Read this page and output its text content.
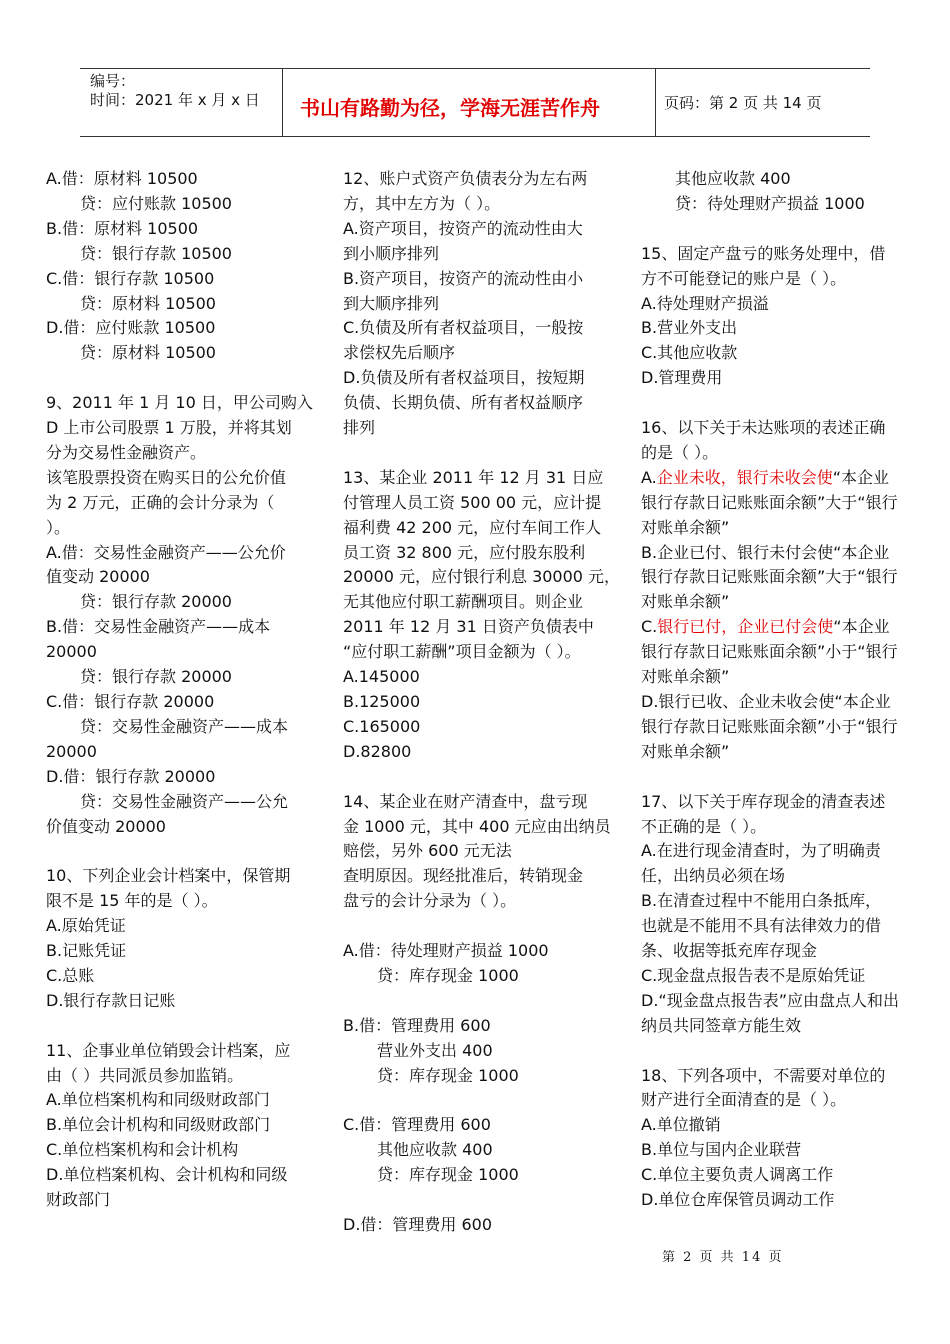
编号：
时间：2021 年 x 月 x 日 书山有路勤为径，学海无涯苦作舟	页码：第 2 页 共 14 页
A.借：原材料 10500
贷：应付账款 10500
B.借：原材料 10500
贷：银行存款 10500
C.借：银行存款 10500
贷：原材料 10500
D.借：应付账款 10500
贷：原材料 10500
9、2011 年 1 月 10 日，甲公司购入
D 上市公司股票 1 万股，并将其划
分为交易性金融资产。
该笔股票投资在购买日的公允价值
为 2 万元，正确的会计分录为（
）。
A.借：交易性金融资产——公允价
值变动 20000
贷：银行存款 20000
B.借：交易性金融资产——成本
20000
贷：银行存款 20000
C.借：银行存款 20000
贷：交易性金融资产——成本
20000
D.借：银行存款 20000
贷：交易性金融资产——公允
价值变动 20000
10、下列企业会计档案中，保管期
限不是 15 年的是（ ）。
A.原始凭证
B.记账凭证
C.总账
D.银行存款日记账
11、企事业单位销毁会计档案，应
由（ ）共同派员参加监销。
A.单位档案机构和同级财政部门
B.单位会计机构和同级财政部门
C.单位档案机构和会计机构
D.单位档案机构、会计机构和同级
财政部门
12、账户式资产负债表分为左右两
方，其中左方为（ ）。
A.资产项目，按资产的流动性由大
到小顺序排列
B.资产项目，按资产的流动性由小
到大顺序排列
C.负债及所有者权益项目，一般按
求偿权先后顺序
D.负债及所有者权益项目，按短期
负债、长期负债、所有者权益顺序
排列
13、某企业 2011 年 12 月 31 日应
付管理人员工资 500 00 元，应计提
福利费 42 200 元，应付车间工作人
员工资 32 800 元，应付股东股利
20000 元，应付银行利息 30000 元，
无其他应付职工薪酬项目。则企业
2011 年 12 月 31 日资产负债表中
“应付职工薪酬”项目金额为（ ）。
A.145000
B.125000
C.165000
D.82800
14、某企业在财产清查中，盘亏现
金 1000 元，其中 400 元应由出纳员
赔偿，另外 600 元无法
查明原因。现经批准后，转销现金
盘亏的会计分录为（ ）。
A.借：待处理财产损益 1000
贷：库存现金 1000
B.借：管理费用 600
营业外支出 400
贷：库存现金 1000
C.借：管理费用 600
其他应收款 400
贷：库存现金 1000
D.借：管理费用 600
其他应收款 400
贷：待处理财产损益 1000
15、固定产盘亏的账务处理中，借
方不可能登记的账户是（ ）。
A.待处理财产损溢
B.营业外支出
C.其他应收款
D.管理费用
16、以下关于未达账项的表述正确
的是（ ）。
A.企业未收，银行未收会使“本企业
银行存款日记账账面余额”大于“银行
对账单余额”
B.企业已付、银行未付会使“本企业
银行存款日记账账面余额”大于“银行
对账单余额”
C.银行已付，企业已付会使“本企业
银行存款日记账账面余额”小于“银行
对账单余额”
D.银行已收、企业未收会使“本企业
银行存款日记账账面余额”小于“银行
对账单余额”
17、以下关于库存现金的清查表述
不正确的是（ ）。
A.在进行现金清查时，为了明确责
任，出纳员必须在场
B.在清查过程中不能用白条抵库，
也就是不能用不具有法律效力的借
条、收据等抵充库存现金
C.现金盘点报告表不是原始凭证
D.“现金盘点报告表”应由盘点人和出
纳员共同签章方能生效
18、下列各项中，不需要对单位的
财产进行全面清查的是（ ）。
A.单位撤销
B.单位与国内企业联营
C.单位主要负责人调离工作
D.单位仓库保管员调动工作
第 2 页 共 14 页
